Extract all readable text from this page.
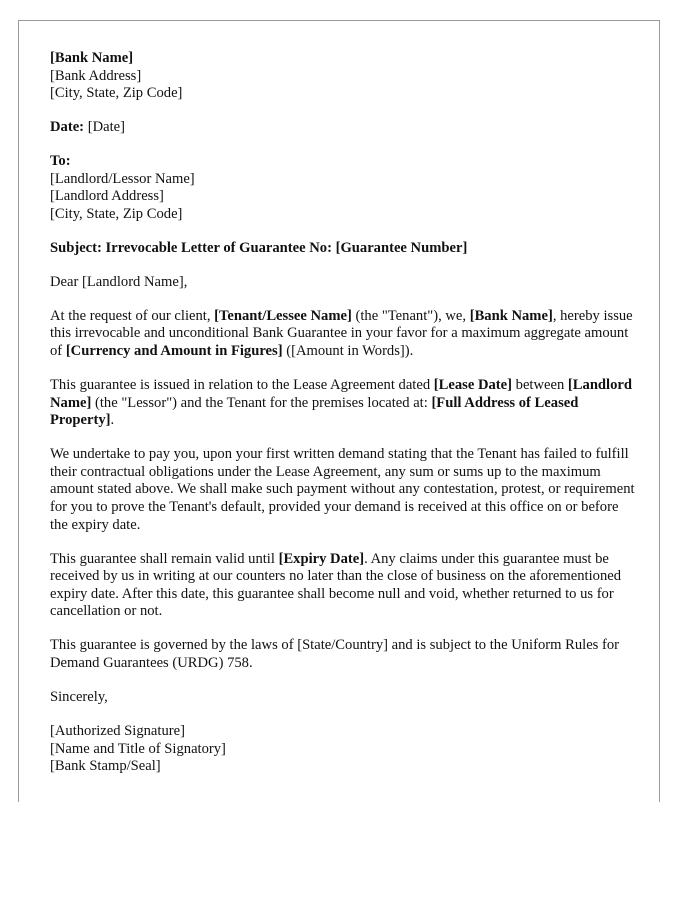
[Bank Name]
[Bank Address]
[City, State, Zip Code]

Date: [Date]

To:
[Landlord/Lessor Name]
[Landlord Address]
[City, State, Zip Code]

Subject: Irrevocable Letter of Guarantee No: [Guarantee Number]

Dear [Landlord Name],

At the request of our client, [Tenant/Lessee Name] (the "Tenant"), we, [Bank Name], hereby issue this irrevocable and unconditional Bank Guarantee in your favor for a maximum aggregate amount of [Currency and Amount in Figures] ([Amount in Words]).

This guarantee is issued in relation to the Lease Agreement dated [Lease Date] between [Landlord Name] (the "Lessor") and the Tenant for the premises located at: [Full Address of Leased Property].

We undertake to pay you, upon your first written demand stating that the Tenant has failed to fulfill their contractual obligations under the Lease Agreement, any sum or sums up to the maximum amount stated above. We shall make such payment without any contestation, protest, or requirement for you to prove the Tenant's default, provided your demand is received at this office on or before the expiry date.

This guarantee shall remain valid until [Expiry Date]. Any claims under this guarantee must be received by us in writing at our counters no later than the close of business on the aforementioned expiry date. After this date, this guarantee shall become null and void, whether returned to us for cancellation or not.

This guarantee is governed by the laws of [State/Country] and is subject to the Uniform Rules for Demand Guarantees (URDG) 758.

Sincerely,

[Authorized Signature]
[Name and Title of Signatory]
[Bank Stamp/Seal]
